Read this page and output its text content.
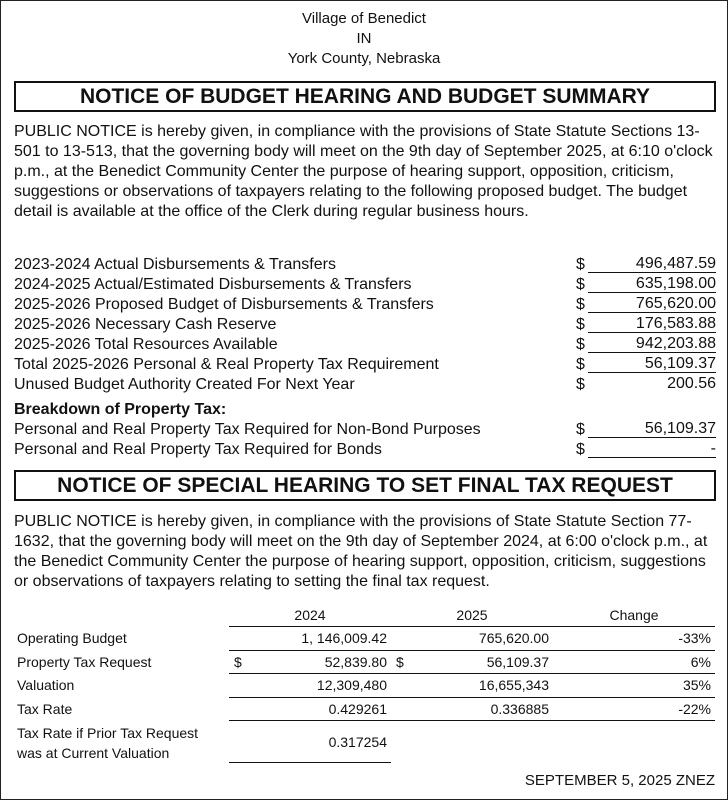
Village of Benedict
IN
York County, Nebraska
NOTICE OF BUDGET HEARING AND BUDGET SUMMARY
PUBLIC NOTICE is hereby given, in compliance with the provisions of State Statute Sections 13-501 to 13-513, that the governing body will meet on the 9th day of September 2025, at 6:10 o'clock p.m., at the Benedict Community Center the purpose of hearing support, opposition, criticism, suggestions or observations of taxpayers relating to the following proposed budget. The budget detail is available at the office of the Clerk during regular business hours.
2023-2024 Actual Disbursements & Transfers	$	496,487.59
2024-2025 Actual/Estimated Disbursements & Transfers	$	635,198.00
2025-2026 Proposed Budget of Disbursements & Transfers	$	765,620.00
2025-2026 Necessary Cash Reserve	$	176,583.88
2025-2026 Total Resources Available	$	942,203.88
Total 2025-2026 Personal & Real Property Tax Requirement	$	56,109.37
Unused Budget Authority Created For Next Year	$	200.56
Breakdown of Property Tax:
Personal and Real Property Tax Required for Non-Bond Purposes	$	56,109.37
Personal and Real Property Tax Required for Bonds	$	-
NOTICE OF SPECIAL HEARING TO SET FINAL TAX REQUEST
PUBLIC NOTICE is hereby given, in compliance with the provisions of State Statute Section 77-1632, that the governing body will meet on the 9th day of September 2024, at 6:00 o'clock p.m., at the Benedict Community Center the purpose of hearing support, opposition, criticism, suggestions or observations of taxpayers relating to setting the final tax request.
	2024	2025	Change
Operating Budget	1, 146,009.42	765,620.00	-33%
Property Tax Request	$ 52,839.80	$ 56,109.37	6%
Valuation	12,309,480	16,655,343	35%
Tax Rate	0.429261	0.336885	-22%

Tax Rate if Prior Tax Request
was at Current Valuation	0.317254		
SEPTEMBER 5, 2025 ZNEZ
